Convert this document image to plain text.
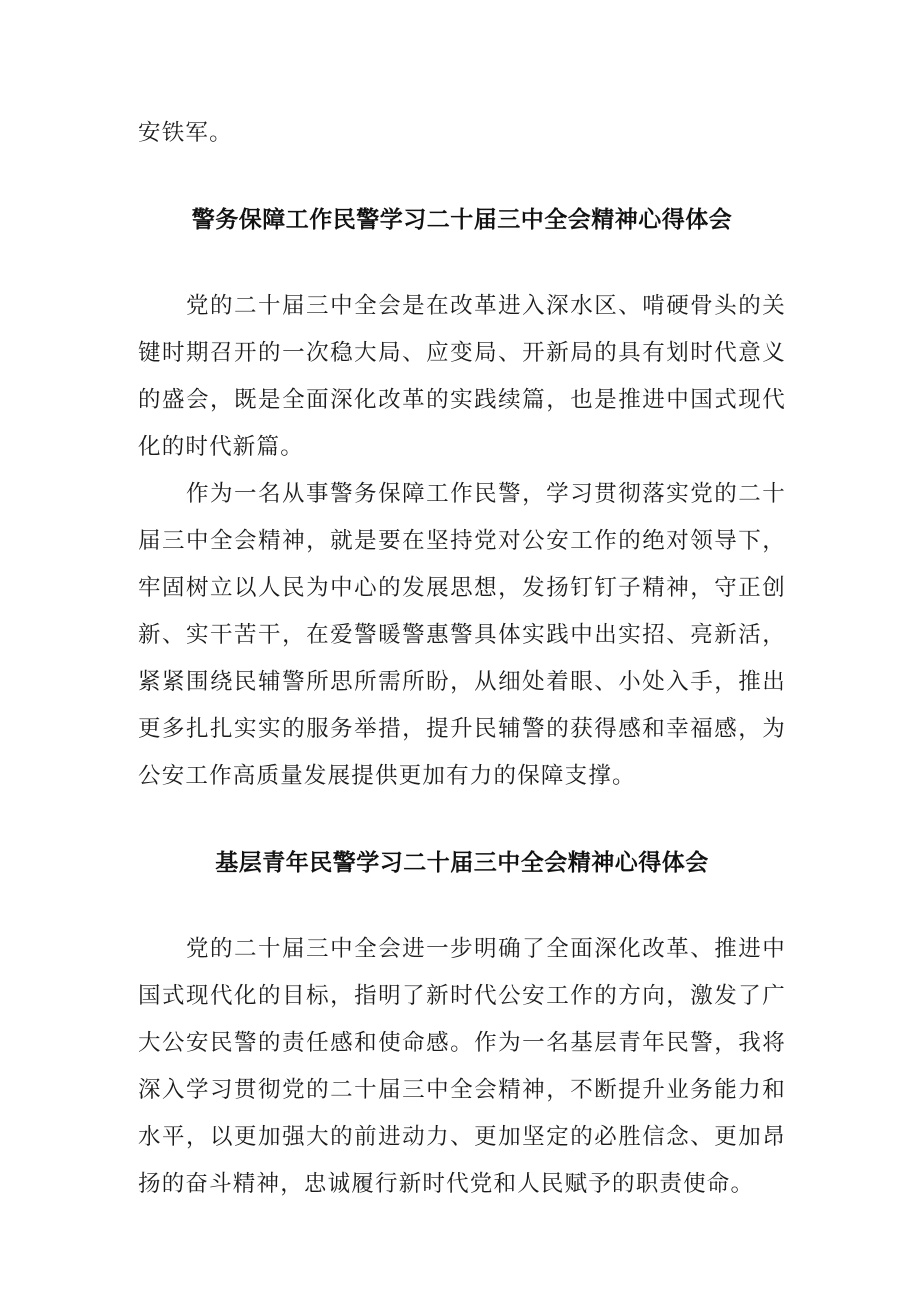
安铁军。

警务保障工作民警学习二十届三中全会精神心得体会

党的二十届三中全会是在改革进入深水区、啃硬骨头的关键时期召开的一次稳大局、应变局、开新局的具有划时代意义的盛会，既是全面深化改革的实践续篇，也是推进中国式现代化的时代新篇。

作为一名从事警务保障工作民警，学习贯彻落实党的二十届三中全会精神，就是要在坚持党对公安工作的绝对领导下，牢固树立以人民为中心的发展思想，发扬钉钉子精神，守正创新、实干苦干，在爱警暖警惠警具体实践中出实招、亮新活，紧紧围绕民辅警所思所需所盼，从细处着眼、小处入手，推出更多扎扎实实的服务举措，提升民辅警的获得感和幸福感，为公安工作高质量发展提供更加有力的保障支撑。

基层青年民警学习二十届三中全会精神心得体会

党的二十届三中全会进一步明确了全面深化改革、推进中国式现代化的目标，指明了新时代公安工作的方向，激发了广大公安民警的责任感和使命感。作为一名基层青年民警，我将深入学习贯彻党的二十届三中全会精神，不断提升业务能力和水平，以更加强大的前进动力、更加坚定的必胜信念、更加昂扬的奋斗精神，忠诚履行新时代党和人民赋予的职责使命。
